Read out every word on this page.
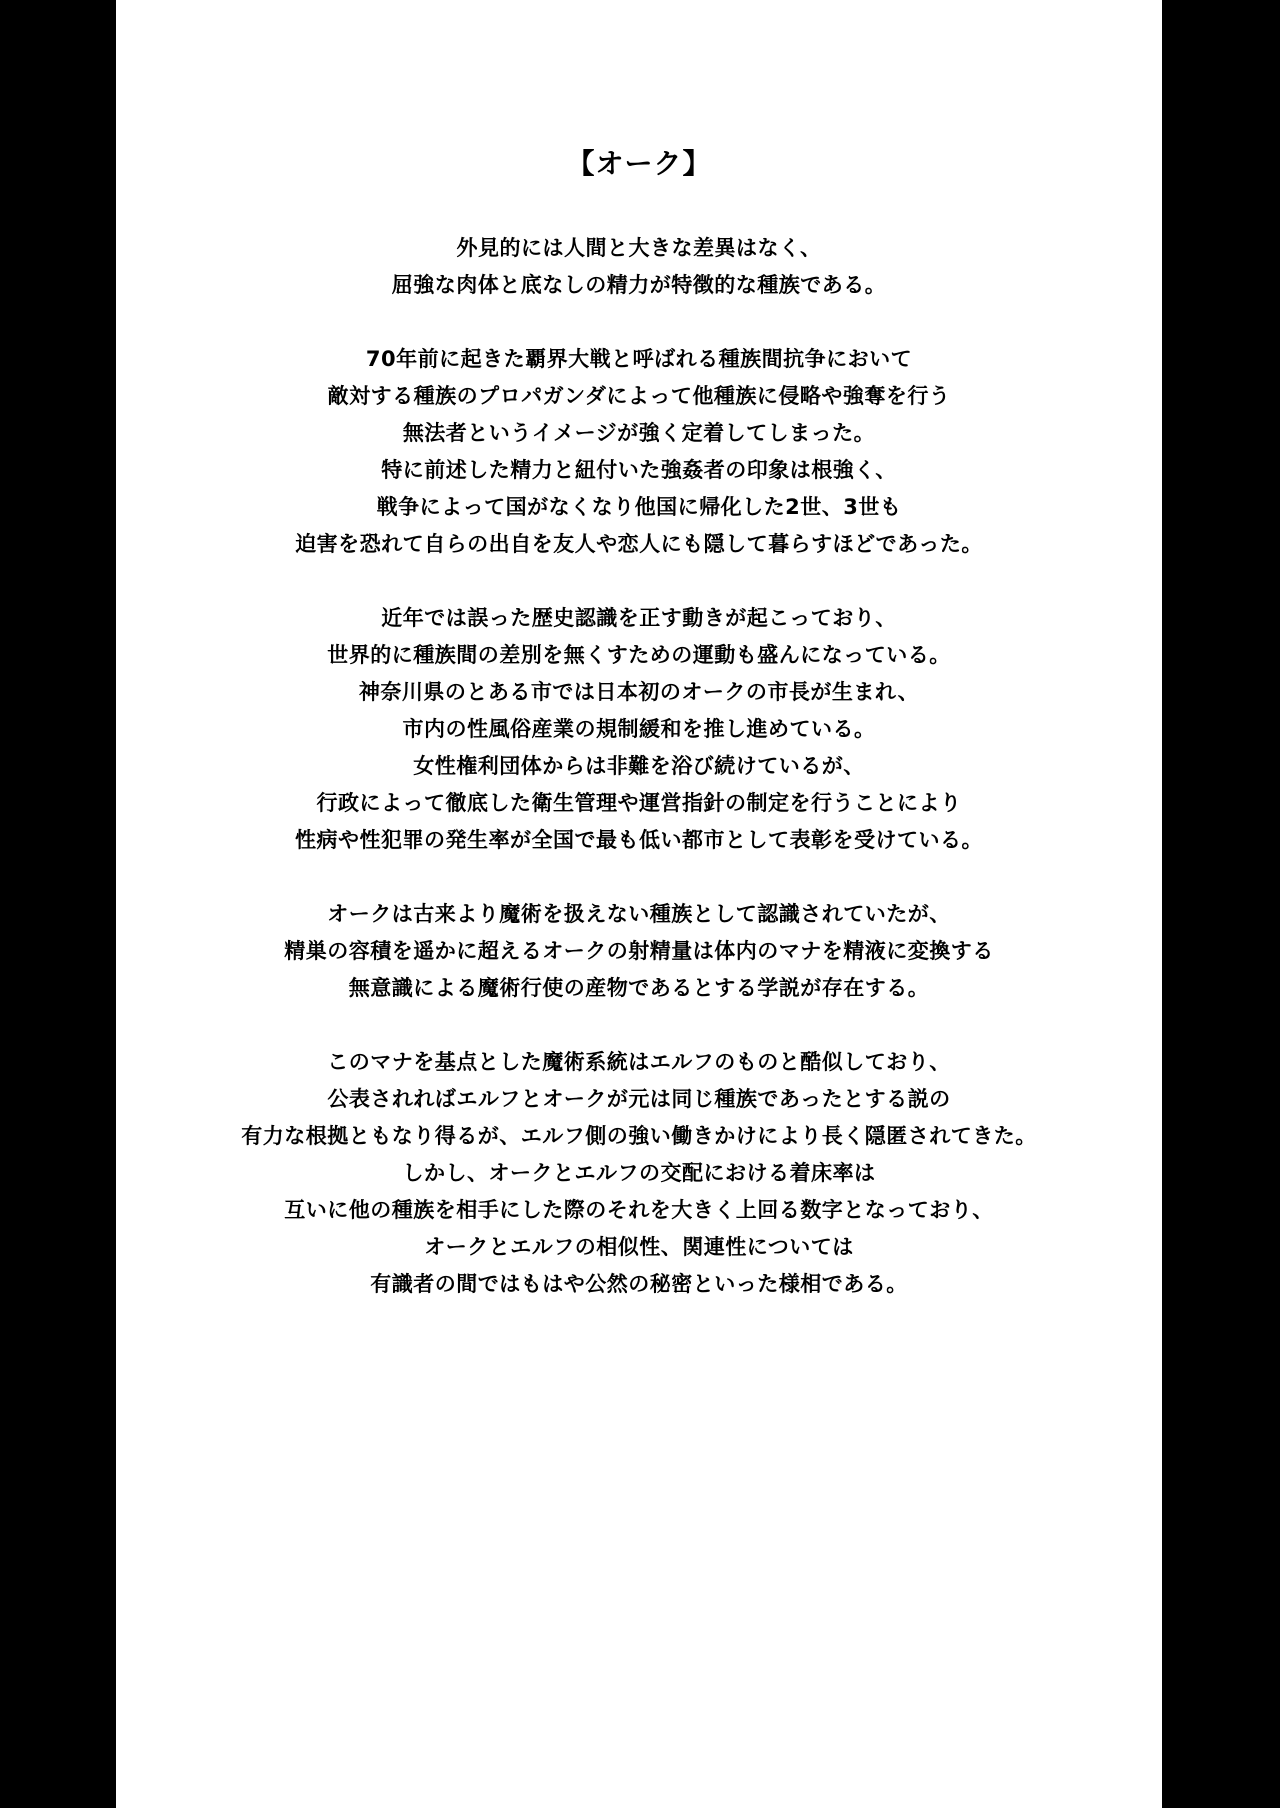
【オーク】
外見的には人間と大きな差異はなく、
屈強な肉体と底なしの精力が特徴的な種族である。
70年前に起きた覇界大戦と呼ばれる種族間抗争において
敵対する種族のプロパガンダによって他種族に侵略や強奪を行う
無法者というイメージが強く定着してしまった。
特に前述した精力と紐付いた強姦者の印象は根強く、
戦争によって国がなくなり他国に帰化した2世、3世も
迫害を恐れて自らの出自を友人や恋人にも隠して暮らすほどであった。
近年では誤った歴史認識を正す動きが起こっており、
世界的に種族間の差別を無くすための運動も盛んになっている。
神奈川県のとある市では日本初のオークの市長が生まれ、
市内の性風俗産業の規制緩和を推し進めている。
女性権利団体からは非難を浴び続けているが、
行政によって徹底した衛生管理や運営指針の制定を行うことにより
性病や性犯罪の発生率が全国で最も低い都市として表彰を受けている。
オークは古来より魔術を扱えない種族として認識されていたが、
精巣の容積を遥かに超えるオークの射精量は体内のマナを精液に変換する
無意識による魔術行使の産物であるとする学説が存在する。
このマナを基点とした魔術系統はエルフのものと酷似しており、
公表されればエルフとオークが元は同じ種族であったとする説の
有力な根拠ともなり得るが、エルフ側の強い働きかけにより長く隠匿されてきた。
しかし、オークとエルフの交配における着床率は
互いに他の種族を相手にした際のそれを大きく上回る数字となっており、
オークとエルフの相似性、関連性については
有識者の間ではもはや公然の秘密といった様相である。
